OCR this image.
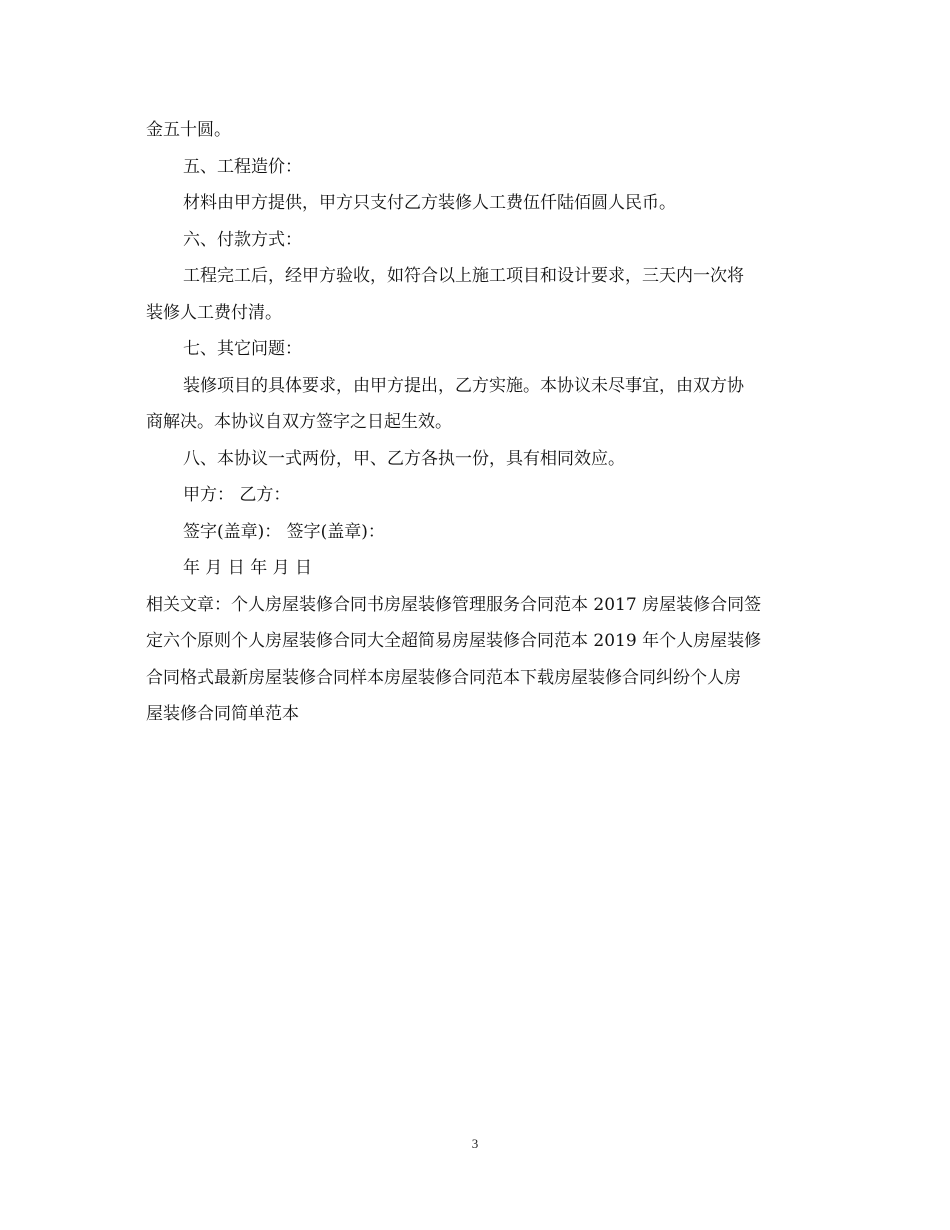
金五十圆。

五、工程造价：

材料由甲方提供，甲方只支付乙方装修人工费伍仟陆佰圆人民币。

六、付款方式：

工程完工后，经甲方验收，如符合以上施工项目和设计要求，三天内一次将

装修人工费付清。

七、其它问题：

装修项目的具体要求，由甲方提出，乙方实施。本协议未尽事宜，由双方协

商解决。本协议自双方签字之日起生效。

八、本协议一式两份，甲、乙方各执一份，具有相同效应。

甲方： 乙方：

签字(盖章)： 签字(盖章)：

年 月 日 年 月 日

相关文章：个人房屋装修合同书房屋装修管理服务合同范本 2017 房屋装修合同签

定六个原则个人房屋装修合同大全超简易房屋装修合同范本 2019 年个人房屋装修

合同格式最新房屋装修合同样本房屋装修合同范本下载房屋装修合同纠纷个人房

屋装修合同简单范本

3
